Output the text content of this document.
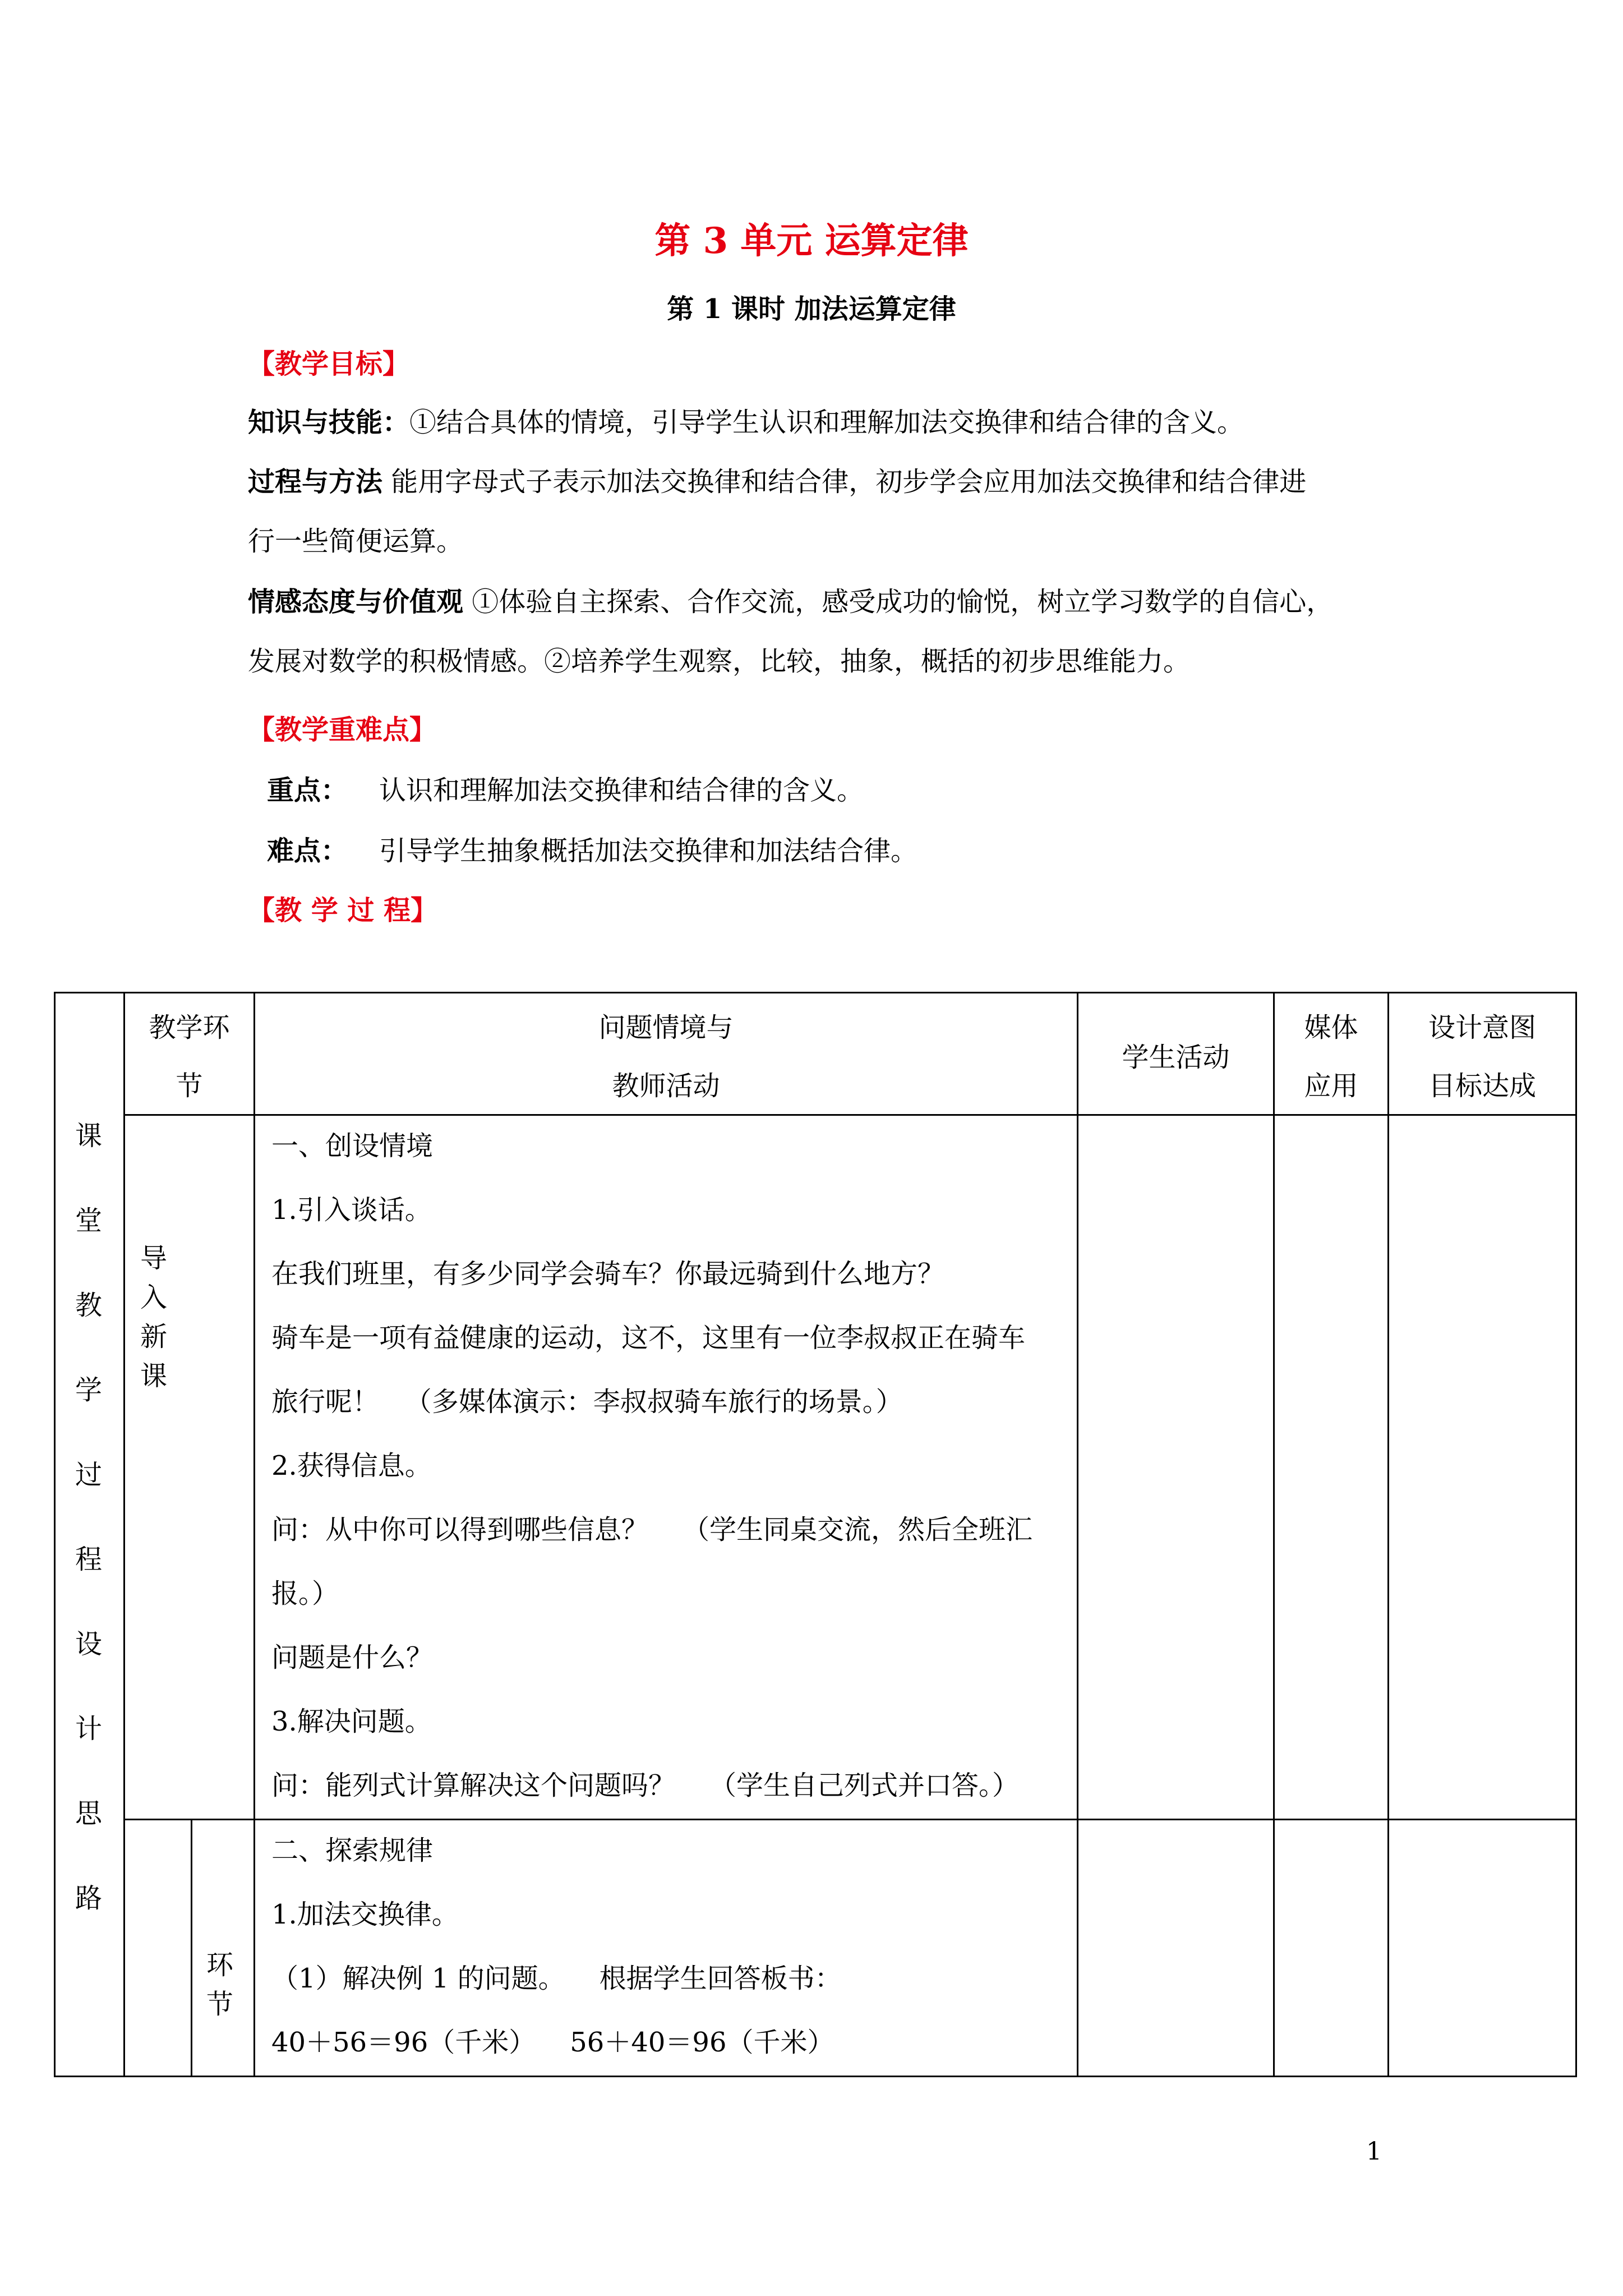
第 3 单元 运算定律
第 1 课时 加法运算定律
【教学目标】
知识与技能：①结合具体的情境，引导学生认识和理解加法交换律和结合律的含义。
过程与方法 能用字母式子表示加法交换律和结合律，初步学会应用加法交换律和结合律进
行一些简便运算。
情感态度与价值观 ①体验自主探索、合作交流，感受成功的愉悦，树立学习数学的自信心，
发展对数学的积极情感。②培养学生观察，比较，抽象，概括的初步思维能力。
【教学重难点】
重点： 认识和理解加法交换律和结合律的含义。
难点： 引导学生抽象概括加法交换律和加法结合律。
【教 学 过 程】
课
堂
教
学
过
程
设
计
思
路
教学环
节
问题情境与
教师活动
学生活动
媒体
应用
设计意图
目标达成
导
入
新
课
一、创设情境
1.引入谈话。
在我们班里，有多少同学会骑车？你最远骑到什么地方？
骑车是一项有益健康的运动，这不，这里有一位李叔叔正在骑车
旅行呢！   （多媒体演示：李叔叔骑车旅行的场景。）
2.获得信息。
问：从中你可以得到哪些信息？    （学生同桌交流，然后全班汇
报。）
问题是什么？
3.解决问题。
问：能列式计算解决这个问题吗？    （学生自己列式并口答。）
环
节
二、探索规律
1.加法交换律。
（1）解决例 1 的问题。    根据学生回答板书：
40＋56＝96（千米）    56＋40＝96（千米）
1
